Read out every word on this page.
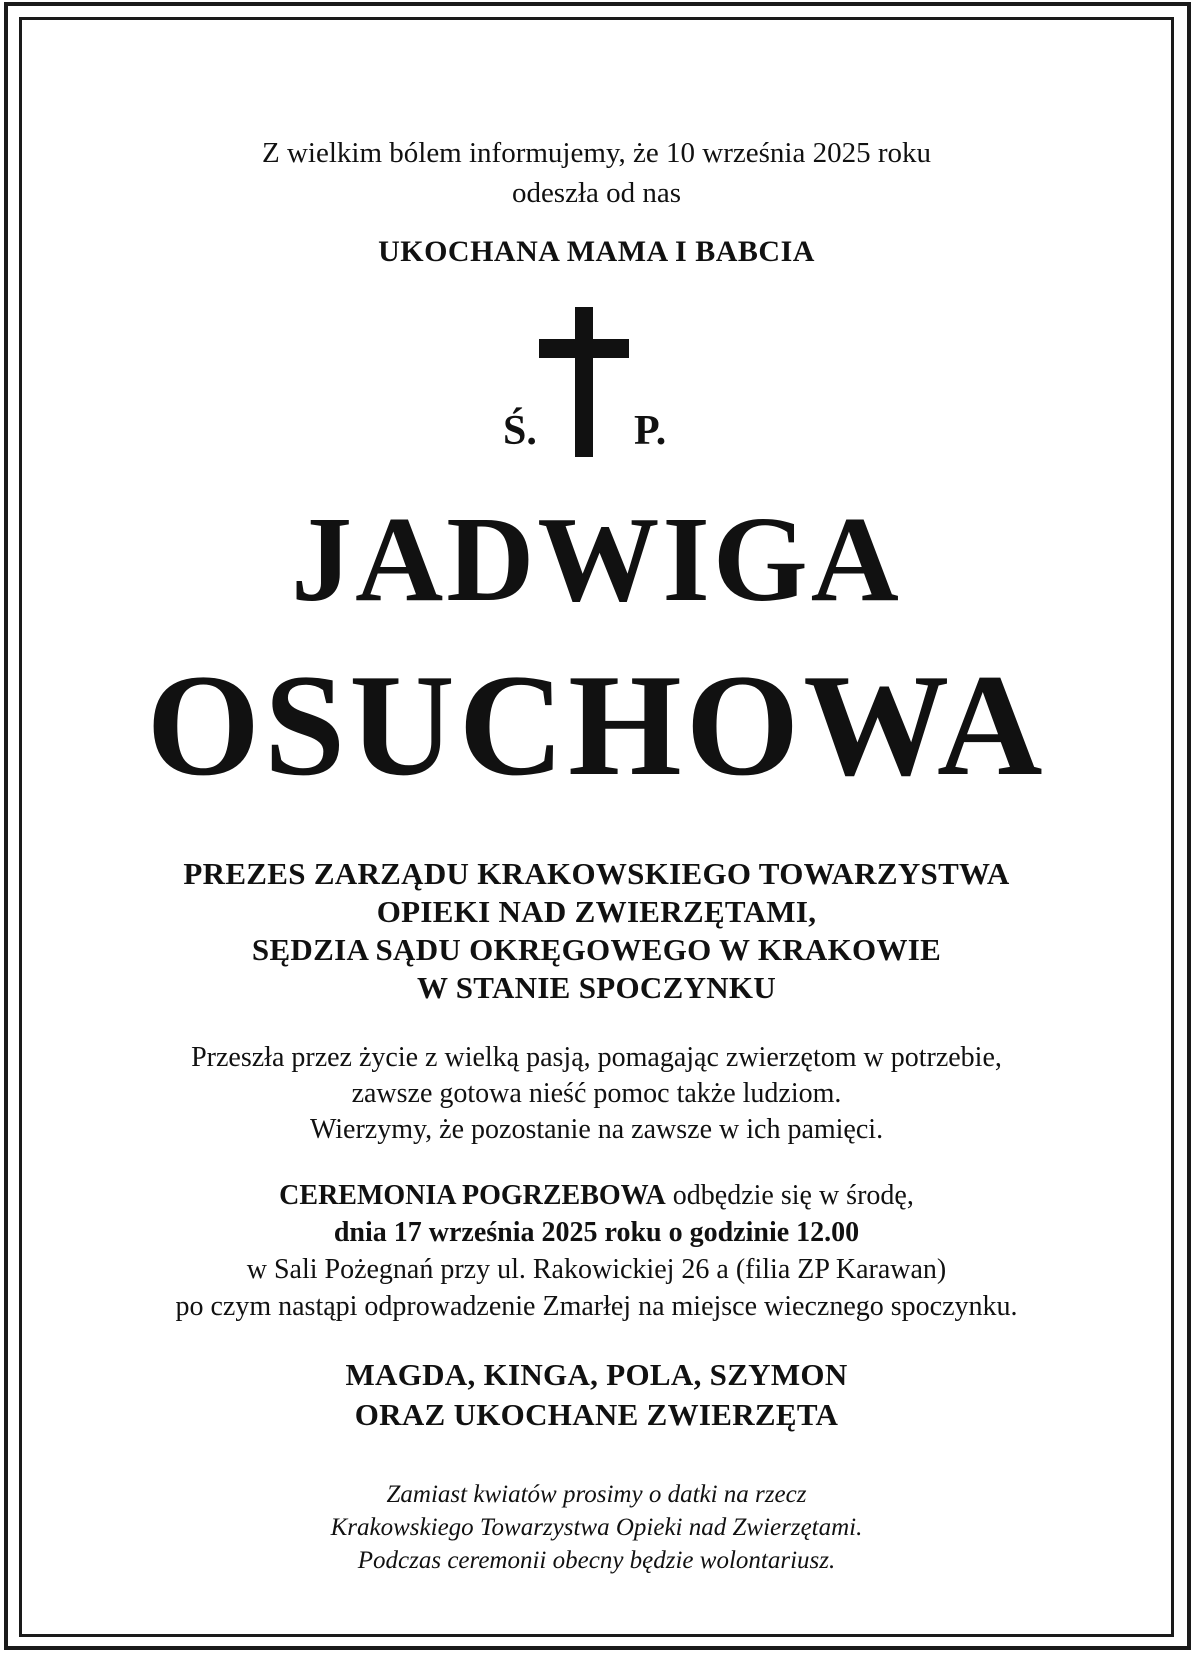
Z wielkim bólem informujemy, że 10 września 2025 roku
odeszła od nas
UKOCHANA MAMA I BABCIA
Ś. P.
JADWIGA
OSUCHOWA
PREZES ZARZĄDU KRAKOWSKIEGO TOWARZYSTWA
OPIEKI NAD ZWIERZĘTAMI,
SĘDZIA SĄDU OKRĘGOWEGO W KRAKOWIE
W STANIE SPOCZYNKU
Przeszła przez życie z wielką pasją, pomagając zwierzętom w potrzebie,
zawsze gotowa nieść pomoc także ludziom.
Wierzymy, że pozostanie na zawsze w ich pamięci.
CEREMONIA POGRZEBOWA odbędzie się w środę,
dnia 17 września 2025 roku o godzinie 12.00
w Sali Pożegnań przy ul. Rakowickiej 26 a (filia ZP Karawan)
po czym nastąpi odprowadzenie Zmarłej na miejsce wiecznego spoczynku.
MAGDA, KINGA, POLA, SZYMON
ORAZ UKOCHANE ZWIERZĘTA
Zamiast kwiatów prosimy o datki na rzecz
Krakowskiego Towarzystwa Opieki nad Zwierzętami.
Podczas ceremonii obecny będzie wolontariusz.
